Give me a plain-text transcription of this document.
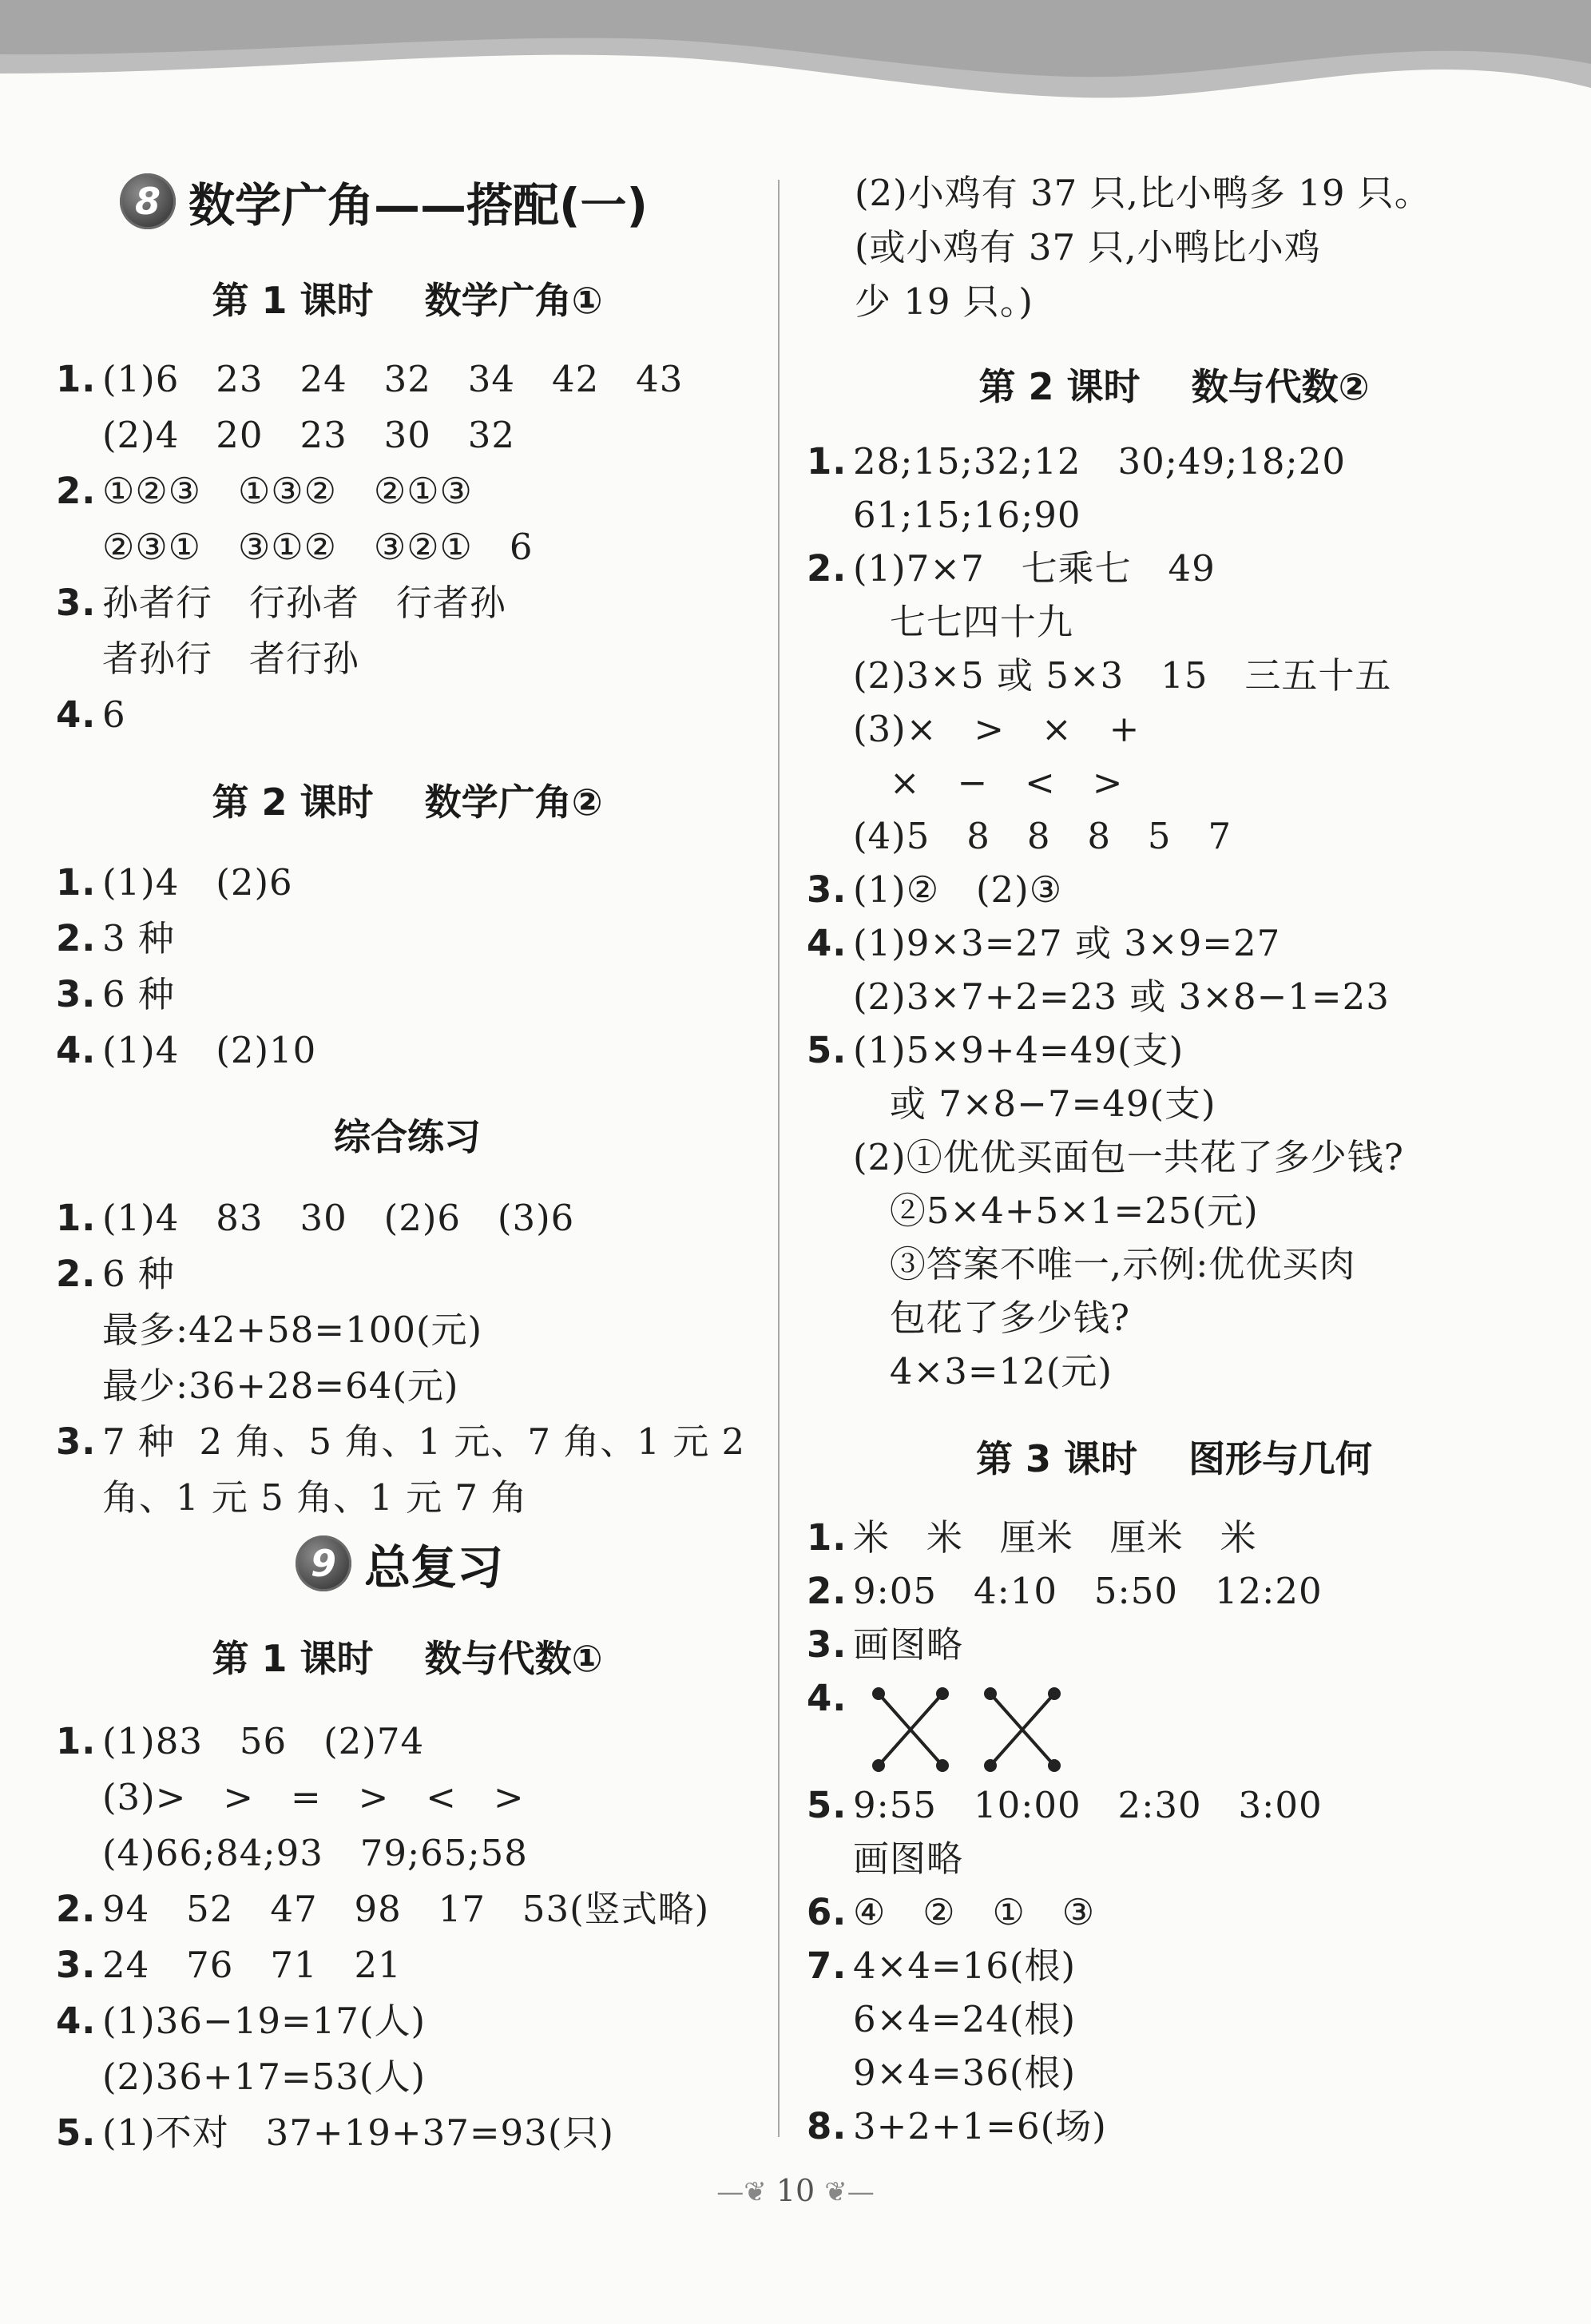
8 数学广角——搭配(一)
第 1 课时    数学广角①
1. (1)6   23   24   32   34   42   43
(2)4   20   23   30   32
2. ①②③   ①③②   ②①③
②③①   ③①②   ③②①   6
3. 孙者行   行孙者   行者孙
者孙行   者行孙
4. 6
第 2 课时    数学广角②
1. (1)4   (2)6
2. 3 种
3. 6 种
4. (1)4   (2)10
综合练习
1. (1)4   83   30   (2)6   (3)6
2. 6 种
最多:42+58=100(元)
最少:36+28=64(元)
3. 7 种  2 角、5 角、1 元、7 角、1 元 2
角、1 元 5 角、1 元 7 角
9 总复习
第 1 课时    数与代数①
1. (1)83   56   (2)74
(3)>   >   =   >   <   >
(4)66;84;93   79;65;58
2. 94   52   47   98   17   53(竖式略)
3. 24   76   71   21
4. (1)36−19=17(人)
(2)36+17=53(人)
5. (1)不对   37+19+37=93(只)
(2)小鸡有 37 只,比小鸭多 19 只。
(或小鸡有 37 只,小鸭比小鸡
少 19 只。)
第 2 课时    数与代数②
1. 28;15;32;12   30;49;18;20
61;15;16;90
2. (1)7×7   七乘七   49
七七四十九
(2)3×5 或 5×3   15   三五十五
(3)×   >   ×   +
×   −   <   >
(4)5   8   8   8   5   7
3. (1)②   (2)③
4. (1)9×3=27 或 3×9=27
(2)3×7+2=23 或 3×8−1=23
5. (1)5×9+4=49(支)
或 7×8−7=49(支)
(2)①优优买面包一共花了多少钱?
②5×4+5×1=25(元)
③答案不唯一,示例:优优买肉
包花了多少钱?
4×3=12(元)
第 3 课时    图形与几何
1. 米   米   厘米   厘米   米
2. 9:05   4:10   5:50   12:20
3. 画图略
4.
5. 9:55   10:00   2:30   3:00
画图略
6. ④   ②   ①   ③
7. 4×4=16(根)
6×4=24(根)
9×4=36(根)
8. 3+2+1=6(场)
—❦ 10 ❦—
